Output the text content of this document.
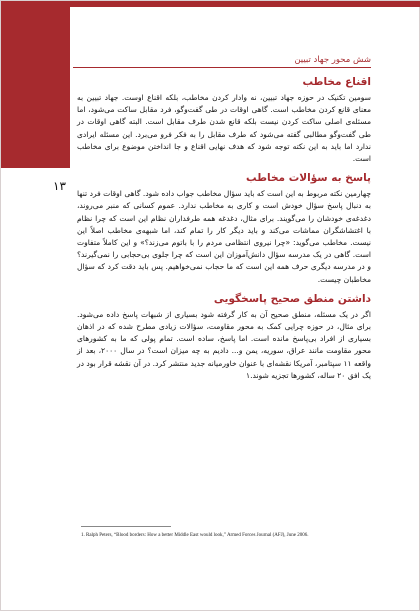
شش محور جهاد تبیین
۱۳
اقناع مخاطب

سومین تکنیک در حوزه جهاد تبیین، نه وادار کردن مخاطب، بلکه اقناع اوست. جهاد تبیین به معنای قانع کردن مخاطب است. گاهی اوقات در طی گفت‌وگو، فرد مقابل ساکت می‌شود، اما مسئله‌ی اصلی ساکت کردن نیست بلکه قانع شدن طرف مقابل است. البته گاهی اوقات در طی گفت‌وگو مطالبی گفته می‌شود که طرف مقابل را به فکر فرو می‌برد. این مسئله ایرادی ندارد اما باید به این نکته توجه شود که هدف نهایی اقناع و جا انداختن موضوع برای مخاطب است.

پاسخ به سؤالات مخاطب

چهارمین نکته مربوط به این است که باید سؤال مخاطب جواب داده شود. گاهی اوقات فرد تنها به دنبال پاسخ سؤال خودش است و کاری به مخاطب ندارد. عموم کسانی که منبر می‌روند، دغدغه‌ی خودشان را می‌گویند. برای مثال، دغدغه همه طرفداران نظام این است که چرا نظام با اغتشاشگران مماشات می‌کند و باید دیگر کار را تمام کند، اما شبهه‌ی مخاطب اصلاً این نیست. مخاطب می‌گوید: «چرا نیروی انتظامی مردم را با باتوم می‌زند؟» و این کاملاً متفاوت است. گاهی در یک مدرسه سؤال دانش‌آموزان این است که چرا جلوی بی‌حجابی را نمی‌گیرند؟ و در مدرسه دیگری حرف همه این است که ما حجاب نمی‌خواهیم. پس باید دقت کرد که سؤال مخاطبان چیست.

داشتن منطق صحیح پاسخگویی

اگر در یک مسئله، منطق صحیح آن به کار گرفته شود بسیاری از شبهات پاسخ داده می‌شود. برای مثال، در حوزه چرایی کمک به محور مقاومت، سؤالات زیادی مطرح شده که در اذهان بسیاری از افراد بی‌پاسخ مانده است. اما پاسخ، ساده است. تمام پولی که ما به کشورهای محور مقاومت مانند عراق، سوریه، یمن و... دادیم به چه میزان است؟ در سال ۲۰۰۰، بعد از واقعه ۱۱ سپتامبر، آمریکا نقشه‌ای با عنوان خاورمیانه جدید منتشر کرد. در آن نقشه قرار بود در یک افق ۲۰ ساله، کشورها تجزیه شوند.۱

1. Ralph Peters, “Blood borders: How a better Middle East would look,” Armed Forces Journal (AFJ), June 2006.
